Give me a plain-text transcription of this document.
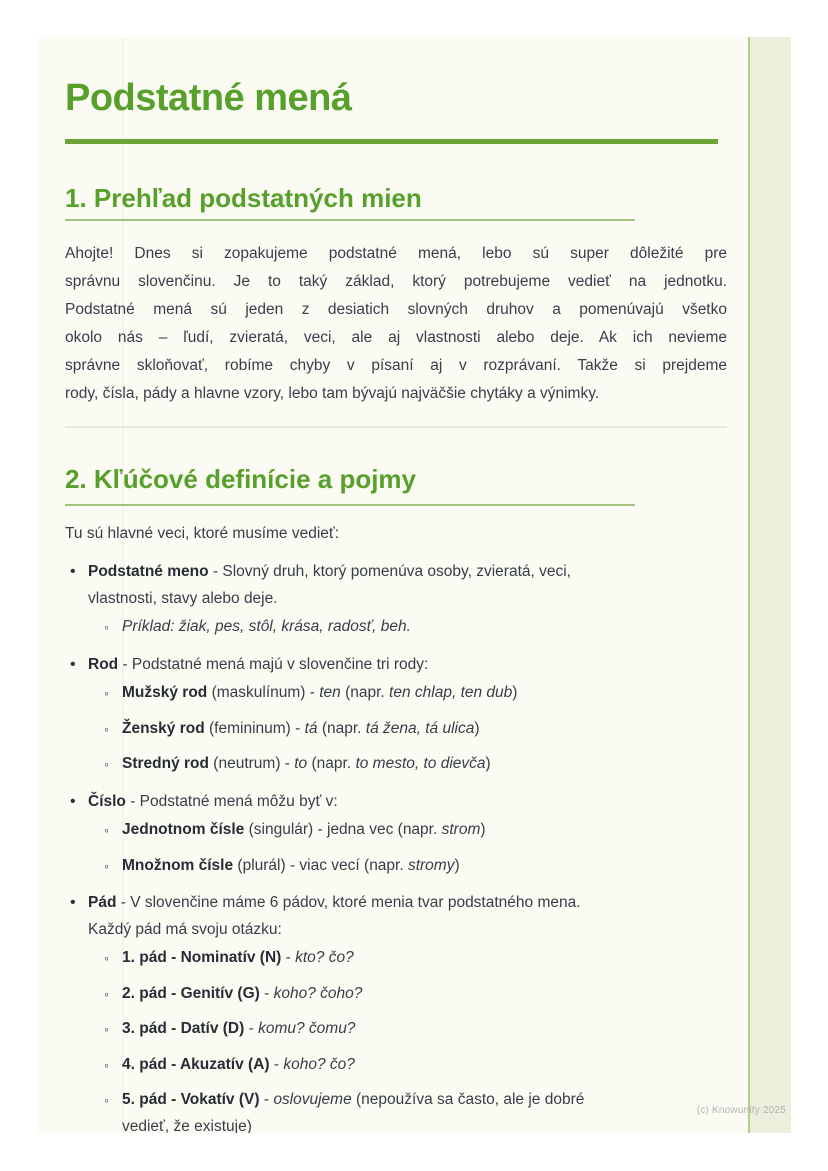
Podstatné mená
1. Prehľad podstatných mien
Ahojte! Dnes si zopakujeme podstatné mená, lebo sú super dôležité pre
správnu slovenčinu. Je to taký základ, ktorý potrebujeme vedieť na jednotku.
Podstatné mená sú jeden z desiatich slovných druhov a pomenúvajú všetko
okolo nás – ľudí, zvieratá, veci, ale aj vlastnosti alebo deje. Ak ich nevieme
správne skloňovať, robíme chyby v písaní aj v rozprávaní. Takže si prejdeme
rody, čísla, pády a hlavne vzory, lebo tam bývajú najväčšie chytáky a výnimky.
2. Kľúčové definície a pojmy
Tu sú hlavné veci, ktoré musíme vedieť:
• Podstatné meno - Slovný druh, ktorý pomenúva osoby, zvieratá, veci,
vlastnosti, stavy alebo deje.
◦ Príklad: žiak, pes, stôl, krása, radosť, beh.
• Rod - Podstatné mená majú v slovenčine tri rody:
◦ Mužský rod (maskulínum) - ten (napr. ten chlap, ten dub)
◦ Ženský rod (femininum) - tá (napr. tá žena, tá ulica)
◦ Stredný rod (neutrum) - to (napr. to mesto, to dievča)
• Číslo - Podstatné mená môžu byť v:
◦ Jednotnom čísle (singulár) - jedna vec (napr. strom)
◦ Množnom čísle (plurál) - viac vecí (napr. stromy)
• Pád - V slovenčine máme 6 pádov, ktoré menia tvar podstatného mena.
Každý pád má svoju otázku:
◦ 1. pád - Nominatív (N) - kto? čo?
◦ 2. pád - Genitív (G) - koho? čoho?
◦ 3. pád - Datív (D) - komu? čomu?
◦ 4. pád - Akuzatív (A) - koho? čo?
◦ 5. pád - Vokatív (V) - oslovujeme (nepoužíva sa často, ale je dobré
vedieť, že existuje)
(c) Knowunity 2025
